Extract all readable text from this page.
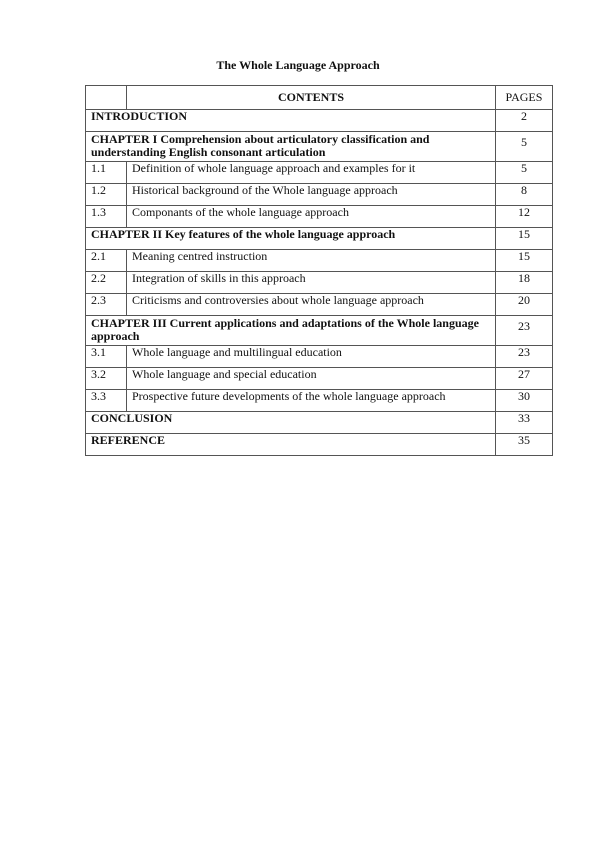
The Whole Language Approach
	CONTENTS	PAGES
INTRODUCTION		2
CHAPTER I Comprehension about articulatory classification and understanding English consonant articulation		5
1.1	Definition of whole language approach and examples for it	5
1.2	Historical background of the Whole language approach	8
1.3	Componants of the whole language approach	12
CHAPTER II Key features of the whole language approach		15
2.1	Meaning centred instruction	15
2.2	Integration of skills in this approach	18
2.3	Criticisms and controversies about whole language approach	20
CHAPTER III Current applications and adaptations of the Whole language approach		23
3.1	Whole language and multilingual education	23
3.2	Whole language and special education	27
3.3	Prospective future developments of the whole language approach	30
CONCLUSION		33
REFERENCE		35
